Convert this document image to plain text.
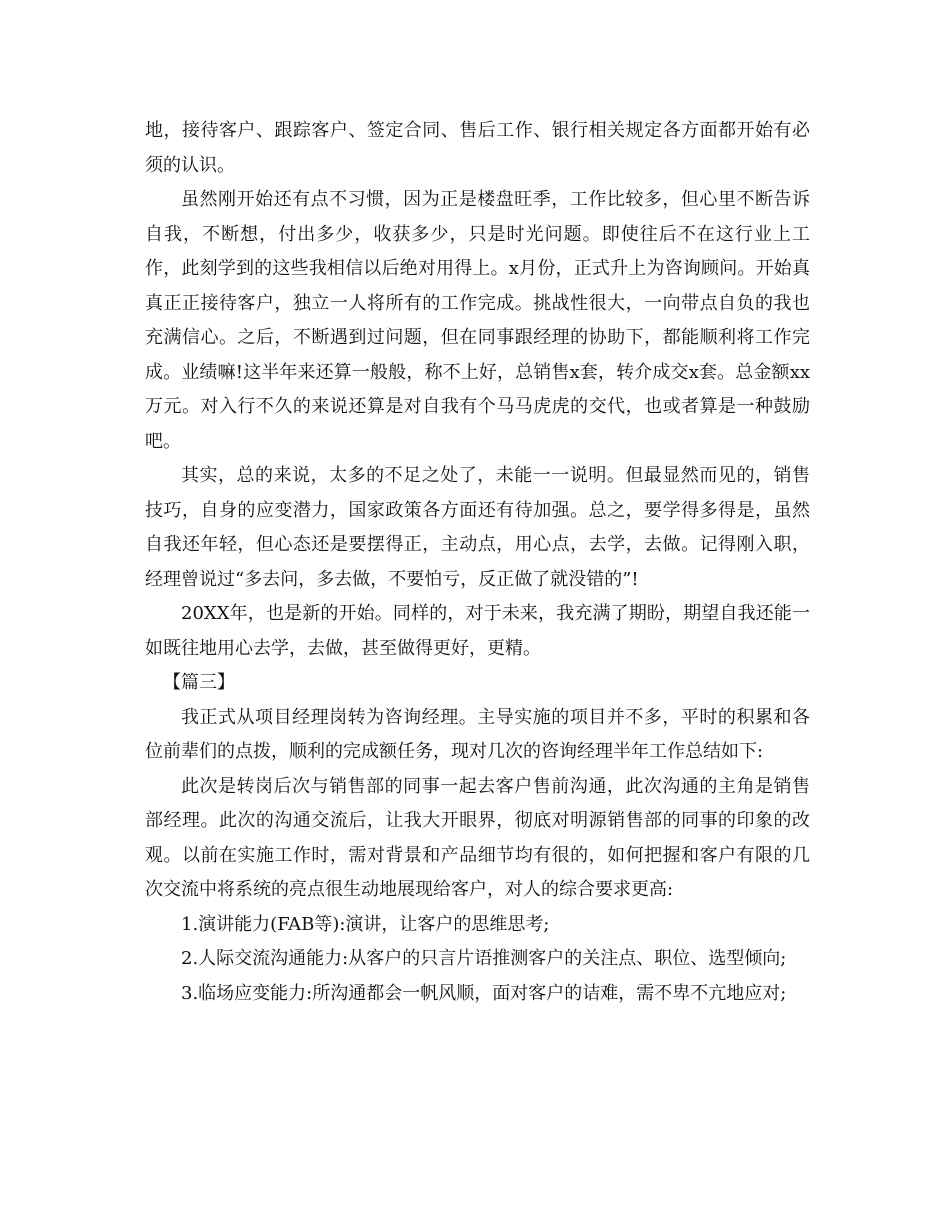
地，接待客户、跟踪客户、签定合同、售后工作、银行相关规定各方面都开始有必须的认识。

虽然刚开始还有点不习惯，因为正是楼盘旺季，工作比较多，但心里不断告诉自我，不断想，付出多少，收获多少，只是时光问题。即使往后不在这行业上工作，此刻学到的这些我相信以后绝对用得上。x月份，正式升上为咨询顾问。开始真真正正接待客户，独立一人将所有的工作完成。挑战性很大，一向带点自负的我也充满信心。之后，不断遇到过问题，但在同事跟经理的协助下，都能顺利将工作完成。业绩嘛!这半年来还算一般般，称不上好，总销售x套，转介成交x套。总金额xx万元。对入行不久的来说还算是对自我有个马马虎虎的交代，也或者算是一种鼓励吧。

其实，总的来说，太多的不足之处了，未能一一说明。但最显然而见的，销售技巧，自身的应变潜力，国家政策各方面还有待加强。总之，要学得多得是，虽然自我还年轻，但心态还是要摆得正，主动点，用心点，去学，去做。记得刚入职，经理曾说过“多去问，多去做，不要怕亏，反正做了就没错的”!

20XX年，也是新的开始。同样的，对于未来，我充满了期盼，期望自我还能一如既往地用心去学，去做，甚至做得更好，更精。

【篇三】

我正式从项目经理岗转为咨询经理。主导实施的项目并不多，平时的积累和各位前辈们的点拨，顺利的完成额任务，现对几次的咨询经理半年工作总结如下:

此次是转岗后次与销售部的同事一起去客户售前沟通，此次沟通的主角是销售部经理。此次的沟通交流后，让我大开眼界，彻底对明源销售部的同事的印象的改观。以前在实施工作时，需对背景和产品细节均有很的，如何把握和客户有限的几次交流中将系统的亮点很生动地展现给客户，对人的综合要求更高:

1.演讲能力(FAB等):演讲，让客户的思维思考;

2.人际交流沟通能力:从客户的只言片语推测客户的关注点、职位、选型倾向;

3.临场应变能力:所沟通都会一帆风顺，面对客户的诘难，需不卑不亢地应对;
